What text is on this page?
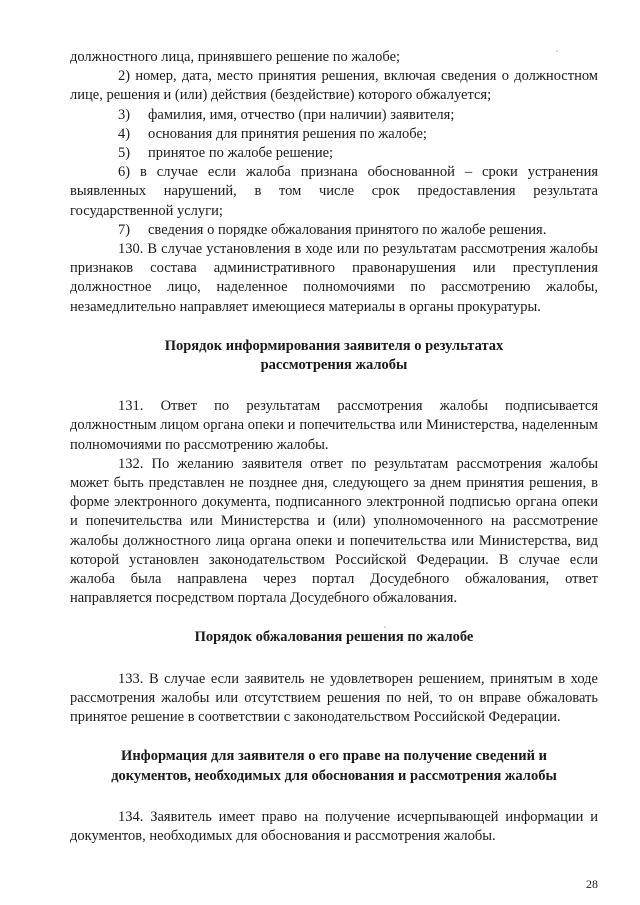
должностного лица, принявшего решение по жалобе;

2) номер, дата, место принятия решения, включая сведения о должностном лице, решения и (или) действия (бездействие) которого обжалуется;

3)	фамилия, имя, отчество (при наличии) заявителя;
4)	основания для принятия решения по жалобе;
5)	принятое по жалобе решение;

6) в случае если жалоба признана обоснованной – сроки устранения выявленных нарушений, в том числе срок предоставления результата государственной услуги;

7)	сведения о порядке обжалования принятого по жалобе решения.

130. В случае установления в ходе или по результатам рассмотрения жалобы признаков состава административного правонарушения или преступления должностное лицо, наделенное полномочиями по рассмотрению жалобы, незамедлительно направляет имеющиеся материалы в органы прокуратуры.

Порядок информирования заявителя о результатах рассмотрения жалобы

131. Ответ по результатам рассмотрения жалобы подписывается должностным лицом органа опеки и попечительства или Министерства, наделенным полномочиями по рассмотрению жалобы.

132. По желанию заявителя ответ по результатам рассмотрения жалобы может быть представлен не позднее дня, следующего за днем принятия решения, в форме электронного документа, подписанного электронной подписью органа опеки и попечительства или Министерства и (или) уполномоченного на рассмотрение жалобы должностного лица органа опеки и попечительства или Министерства, вид которой установлен законодательством Российской Федерации. В случае если жалоба была направлена через портал Досудебного обжалования, ответ направляется посредством портала Досудебного обжалования.

Порядок обжалования решения по жалобе

133. В случае если заявитель не удовлетворен решением, принятым в ходе рассмотрения жалобы или отсутствием решения по ней, то он вправе обжаловать принятое решение в соответствии с законодательством Российской Федерации.

Информация для заявителя о его праве на получение сведений и документов, необходимых для обоснования и рассмотрения жалобы

134. Заявитель имеет право на получение исчерпывающей информации и документов, необходимых для обоснования и рассмотрения жалобы.

28
